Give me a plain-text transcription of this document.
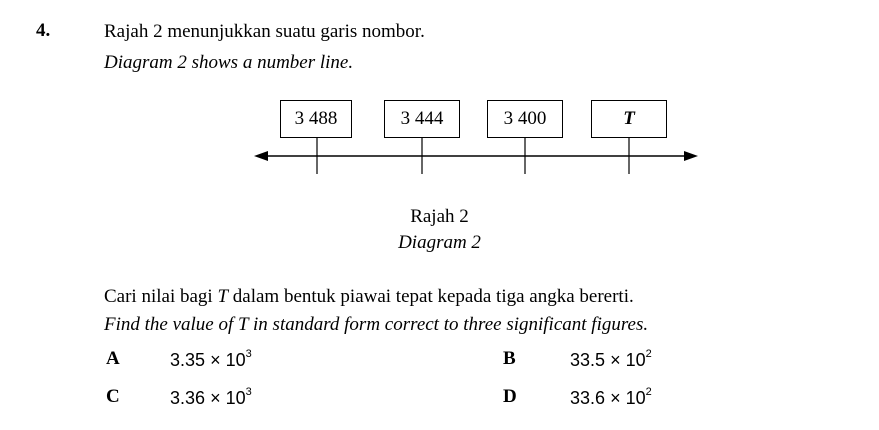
4.	Rajah 2 menunjukkan suatu garis nombor.
Diagram 2 shows a number line.
3 488	3 444	3 400	T
Rajah 2
Diagram 2
Cari nilai bagi T dalam bentuk piawai tepat kepada tiga angka bererti.
Find the value of T in standard form correct to three significant figures.
A	$3.35 \times 10^3$	B	$33.5 \times 10^2$
C	$3.36 \times 10^3$	D	$33.6 \times 10^2$
